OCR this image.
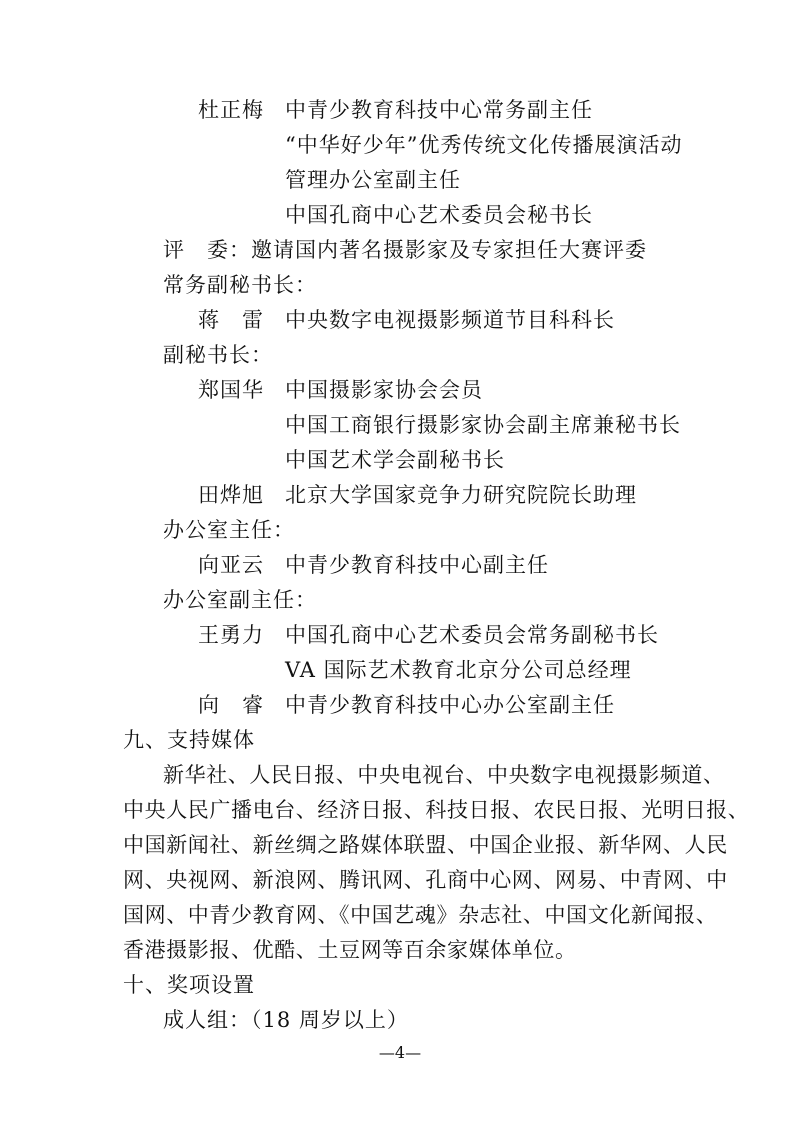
杜正梅 中青少教育科技中心常务副主任
“中华好少年”优秀传统文化传播展演活动
管理办公室副主任
中国孔商中心艺术委员会秘书长
评　委：邀请国内著名摄影家及专家担任大赛评委
常务副秘书长：
蒋　雷 中央数字电视摄影频道节目科科长
副秘书长：
郑国华 中国摄影家协会会员
中国工商银行摄影家协会副主席兼秘书长
中国艺术学会副秘书长
田烨旭 北京大学国家竞争力研究院院长助理
办公室主任：
向亚云 中青少教育科技中心副主任
办公室副主任：
王勇力 中国孔商中心艺术委员会常务副秘书长
VA 国际艺术教育北京分公司总经理
向　睿 中青少教育科技中心办公室副主任
九、支持媒体
新华社、人民日报、中央电视台、中央数字电视摄影频道、
中央人民广播电台、经济日报、科技日报、农民日报、光明日报、
中国新闻社、新丝绸之路媒体联盟、中国企业报、新华网、人民
网、央视网、新浪网、腾讯网、孔商中心网、网易、中青网、中
国网、中青少教育网、《中国艺魂》杂志社、中国文化新闻报、
香港摄影报、优酷、土豆网等百余家媒体单位。
十、奖项设置
成人组：（18 周岁以上）
—4—
